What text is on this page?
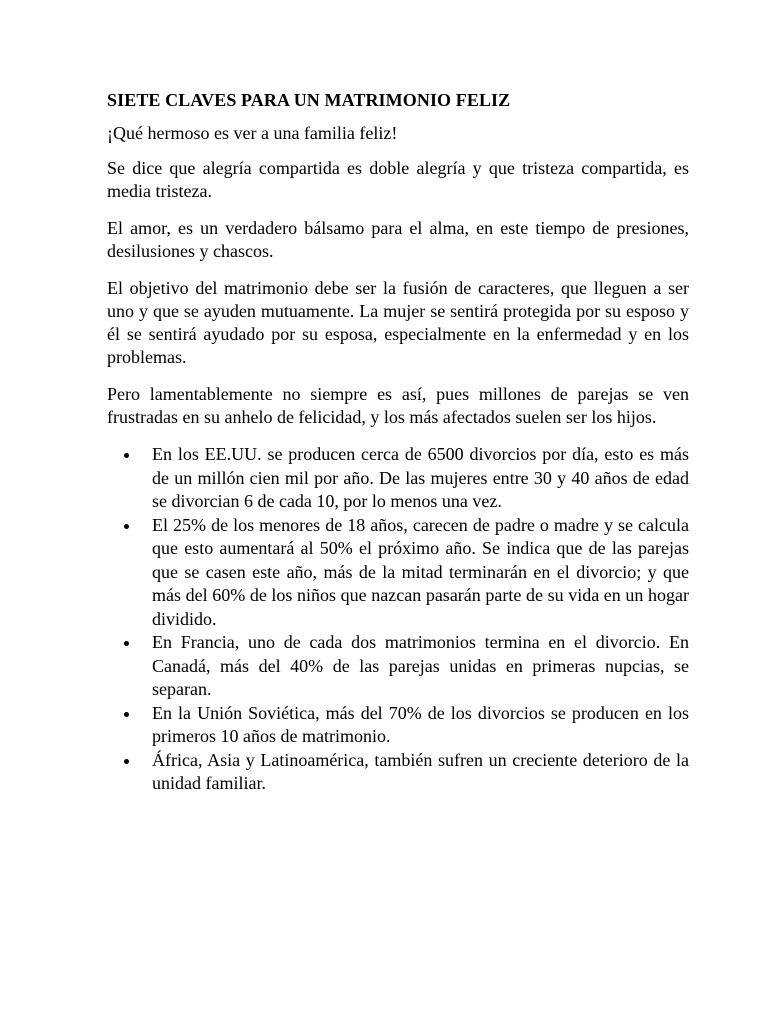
SIETE CLAVES PARA UN MATRIMONIO FELIZ

¡Qué hermoso es ver a una familia feliz!

Se dice que alegría compartida es doble alegría y que tristeza compartida, es media tristeza.

El amor, es un verdadero bálsamo para el alma, en este tiempo de presiones, desilusiones y chascos.

El objetivo del matrimonio debe ser la fusión de caracteres, que lleguen a ser uno y que se ayuden mutuamente. La mujer se sentirá protegida por su esposo y él se sentirá ayudado por su esposa, especialmente en la enfermedad y en los problemas.

Pero lamentablemente no siempre es así, pues millones de parejas se ven frustradas en su anhelo de felicidad, y los más afectados suelen ser los hijos.

En los EE.UU. se producen cerca de 6500 divorcios por día, esto es más de un millón cien mil por año. De las mujeres entre 30 y 40 años de edad se divorcian 6 de cada 10, por lo menos una vez.
El 25% de los menores de 18 años, carecen de padre o madre y se calcula que esto aumentará al 50% el próximo año. Se indica que de las parejas que se casen este año, más de la mitad terminarán en el divorcio; y que más del 60% de los niños que nazcan pasarán parte de su vida en un hogar dividido.
En Francia, uno de cada dos matrimonios termina en el divorcio. En Canadá, más del 40% de las parejas unidas en primeras nupcias, se separan.
En la Unión Soviética, más del 70% de los divorcios se producen en los primeros 10 años de matrimonio.
África, Asia y Latinoamérica, también sufren un creciente deterioro de la unidad familiar.
